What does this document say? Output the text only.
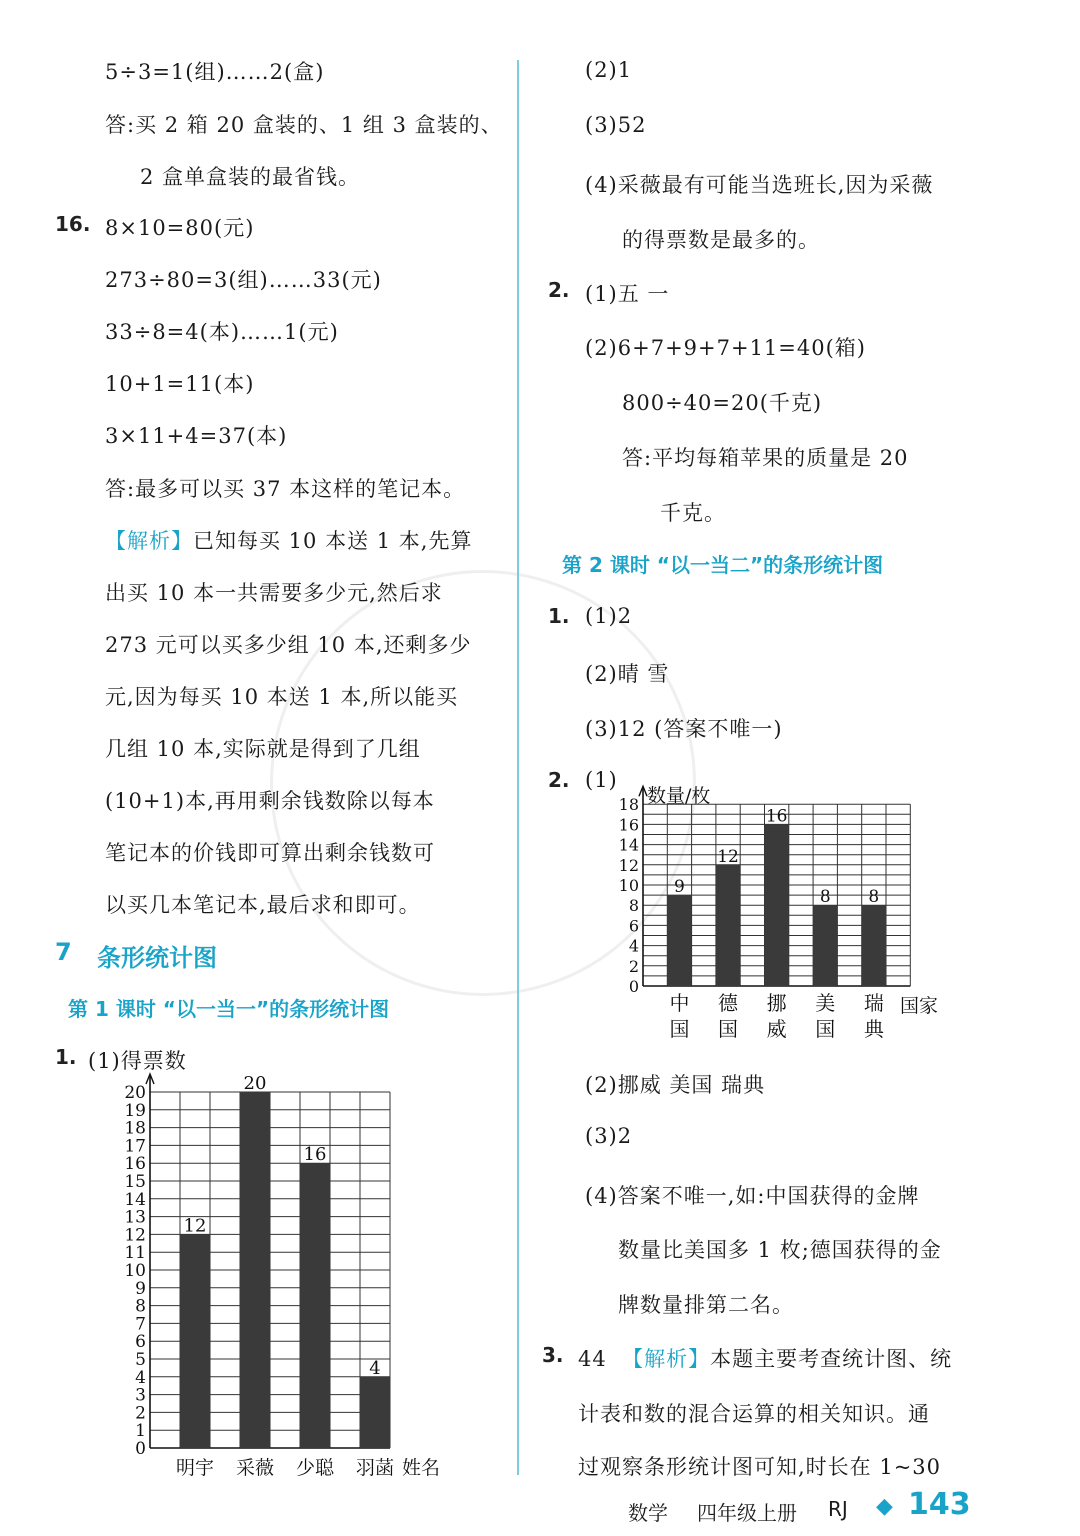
5÷3=1(组)……2(盒)
答:买 2 箱 20 盒装的、1 组 3 盒装的、
2 盒单盒装的最省钱。
16. 8×10=80(元)
273÷80=3(组)……33(元)
33÷8=4(本)……1(元)
10+1=11(本)
3×11+4=37(本)
答:最多可以买 37 本这样的笔记本。
【解析】已知每买 10 本送 1 本,先算
出买 10 本一共需要多少元,然后求
273 元可以买多少组 10 本,还剩多少
元,因为每买 10 本送 1 本,所以能买
几组 10 本,实际就是得到了几组
(10+1)本,再用剩余钱数除以每本
笔记本的价钱即可算出剩余钱数可
以买几本笔记本,最后求和即可。
7 条形统计图
第 1 课时 “以一当一”的条形统计图
1. (1)得票数
0
1
2
3
4
5
6
7
8
9
10
11
12
13
14
15
16
17
18
19
20
12
20
16
4
明宇 采薇 少聪 羽菡 姓名
(2)1
(3)52
(4)采薇最有可能当选班长,因为采薇
的得票数是最多的。
2. (1)五 一
(2)6+7+9+7+11=40(箱)
800÷40=20(千克)
答:平均每箱苹果的质量是 20
千克。
第 2 课时 “以一当二”的条形统计图
1. (1)2
(2)晴 雪
(3)12 (答案不唯一)
2. (1)
0
2
4
6
8
10
12
14
16
18
9
12
16
8 8
中
国
德
国
挪
威
美
国
瑞
典
国家
数量/枚
(2)挪威 美国 瑞典
(3)2
(4)答案不唯一,如:中国获得的金牌
数量比美国多 1 枚;德国获得的金
牌数量排第二名。
3. 44 【解析】本题主要考查统计图、统
计表和数的混合运算的相关知识。通
过观察条形统计图可知,时长在 1~30
数学 四年级上册 RJ ◆ 143
